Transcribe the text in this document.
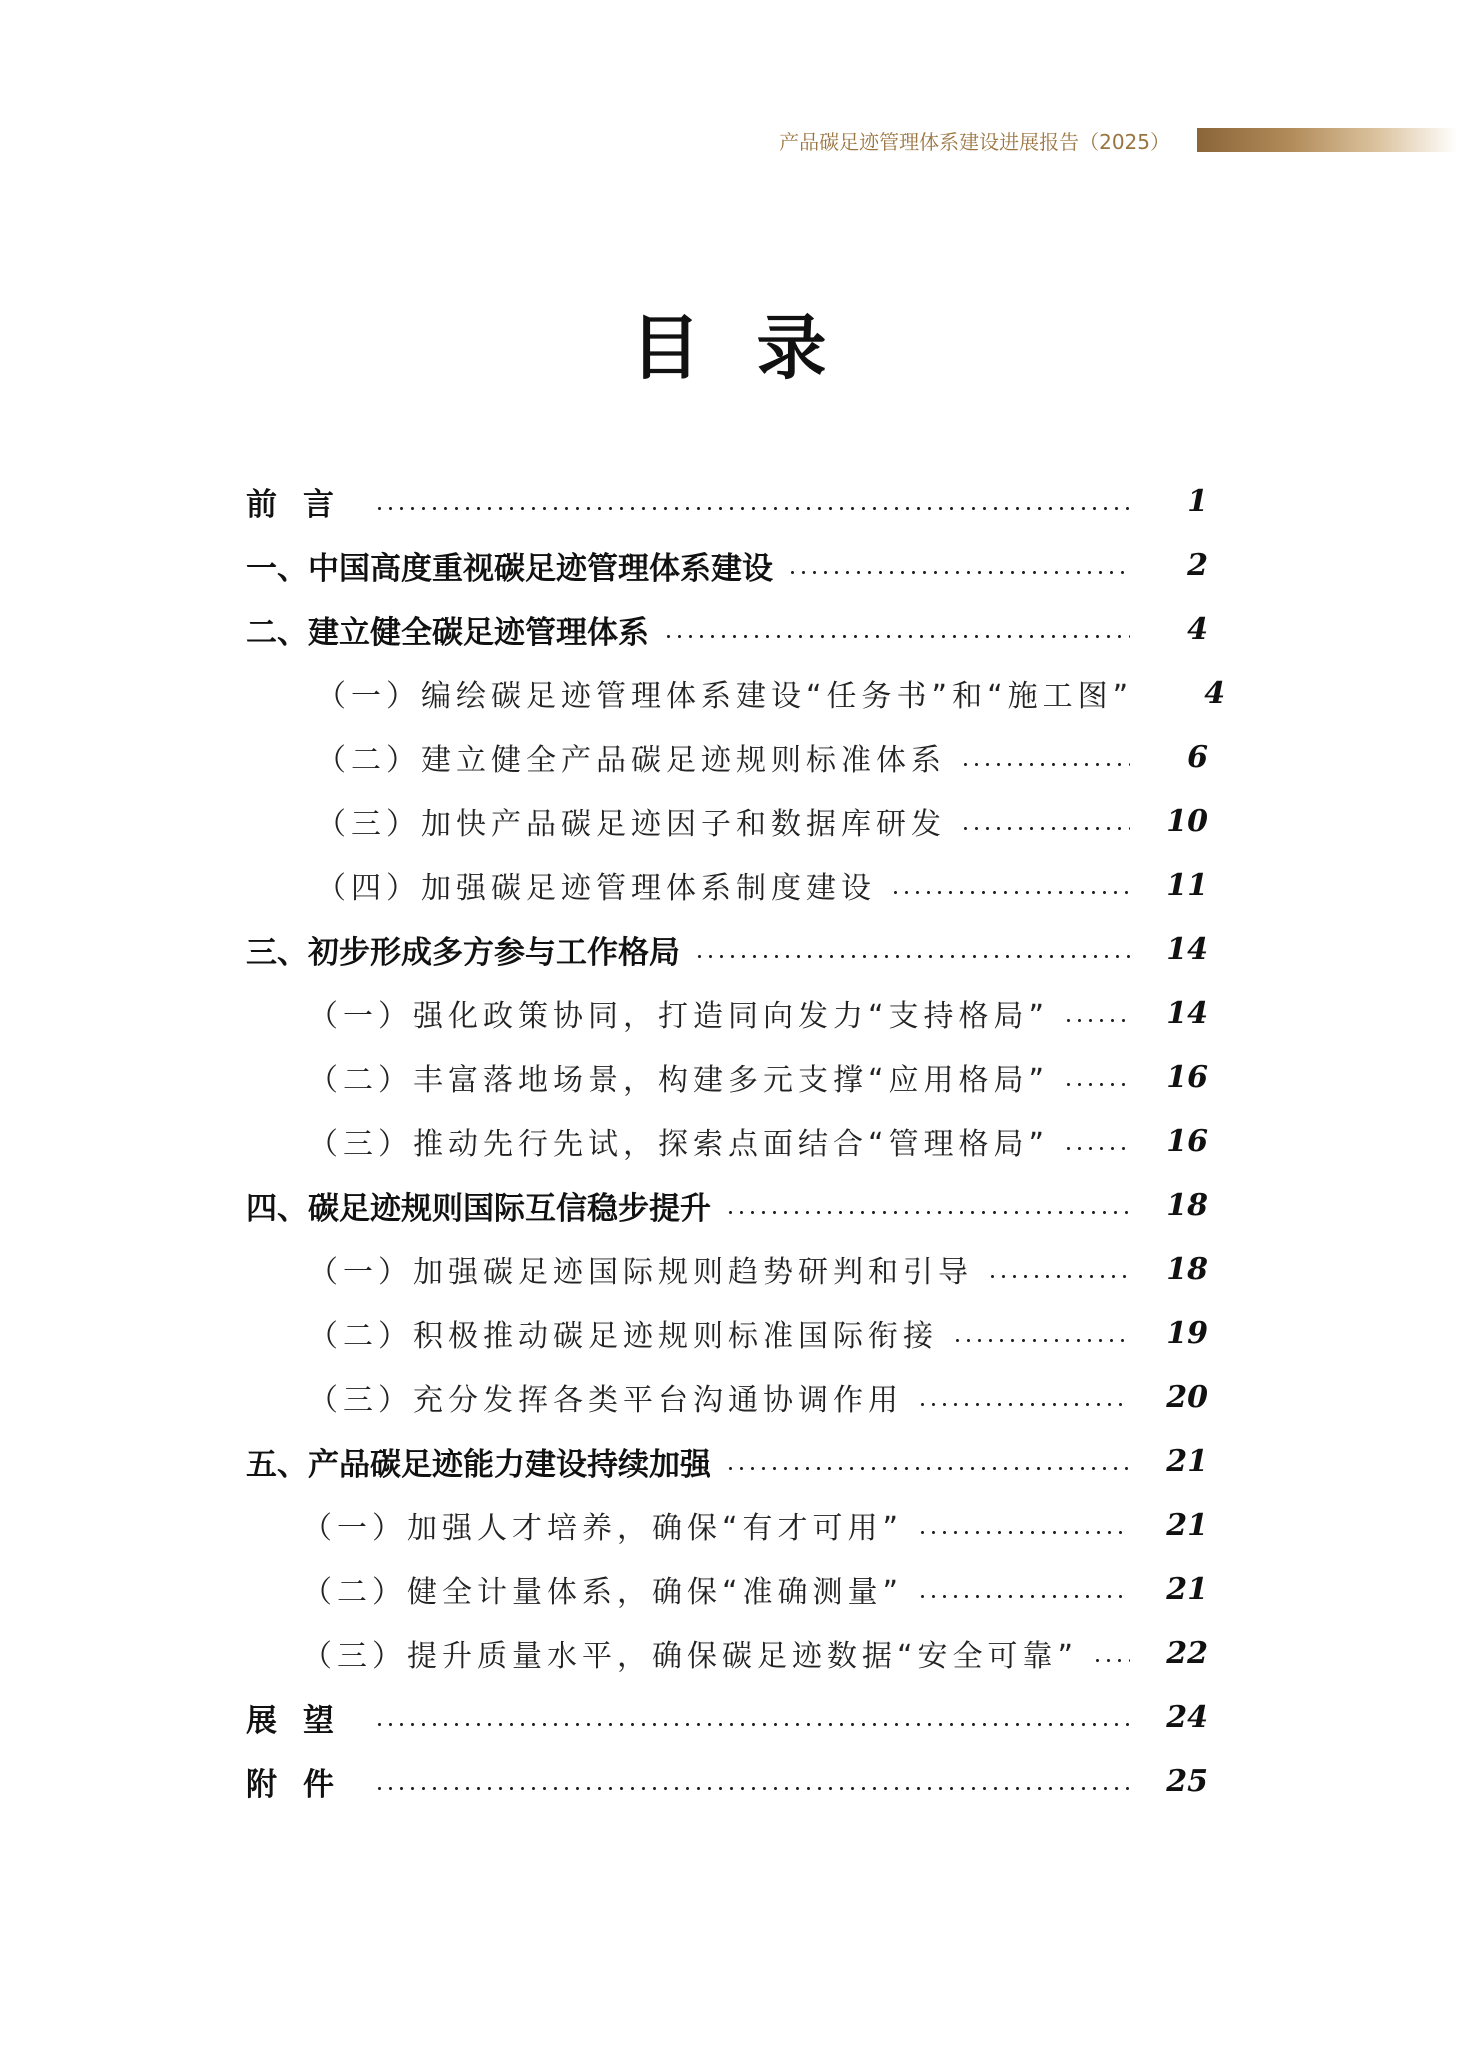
产品碳足迹管理体系建设进展报告（2025）
目录
前言	1
一、中国高度重视碳足迹管理体系建设	2
二、建立健全碳足迹管理体系	4
（一）编绘碳足迹管理体系建设“任务书”和“施工图”	4
（二）建立健全产品碳足迹规则标准体系	6
（三）加快产品碳足迹因子和数据库研发	10
（四）加强碳足迹管理体系制度建设	11
三、初步形成多方参与工作格局	14
（一）强化政策协同，打造同向发力“支持格局”	14
（二）丰富落地场景，构建多元支撑“应用格局”	16
（三）推动先行先试，探索点面结合“管理格局”	16
四、碳足迹规则国际互信稳步提升	18
（一）加强碳足迹国际规则趋势研判和引导	18
（二）积极推动碳足迹规则标准国际衔接	19
（三）充分发挥各类平台沟通协调作用	20
五、产品碳足迹能力建设持续加强	21
（一）加强人才培养，确保“有才可用”	21
（二）健全计量体系，确保“准确测量”	21
（三）提升质量水平，确保碳足迹数据“安全可靠”	22
展望	24
附件	25
